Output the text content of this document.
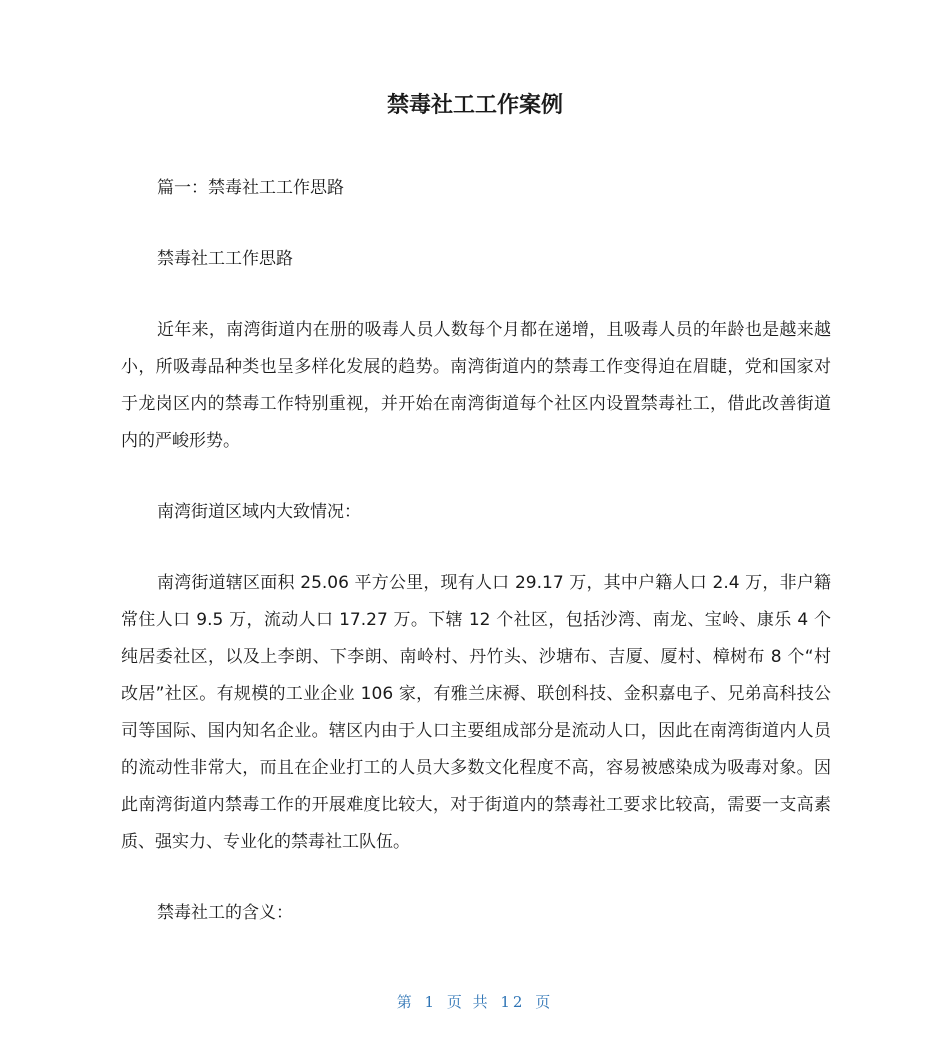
禁毒社工工作案例

篇一：禁毒社工工作思路

禁毒社工工作思路

近年来，南湾街道内在册的吸毒人员人数每个月都在递增，且吸毒人员的年龄也是越来越小，所吸毒品种类也呈多样化发展的趋势。南湾街道内的禁毒工作变得迫在眉睫，党和国家对于龙岗区内的禁毒工作特别重视，并开始在南湾街道每个社区内设置禁毒社工，借此改善街道内的严峻形势。

南湾街道区域内大致情况：

南湾街道辖区面积 25.06 平方公里，现有人口 29.17 万，其中户籍人口 2.4 万，非户籍常住人口 9.5 万，流动人口 17.27 万。下辖 12 个社区，包括沙湾、南龙、宝岭、康乐 4 个纯居委社区，以及上李朗、下李朗、南岭村、丹竹头、沙塘布、吉厦、厦村、樟树布 8 个“村改居”社区。有规模的工业企业 106 家，有雅兰床褥、联创科技、金积嘉电子、兄弟高科技公司等国际、国内知名企业。辖区内由于人口主要组成部分是流动人口，因此在南湾街道内人员的流动性非常大，而且在企业打工的人员大多数文化程度不高，容易被感染成为吸毒对象。因此南湾街道内禁毒工作的开展难度比较大，对于街道内的禁毒社工要求比较高，需要一支高素质、强实力、专业化的禁毒社工队伍。

禁毒社工的含义：

第 1 页 共 12 页
